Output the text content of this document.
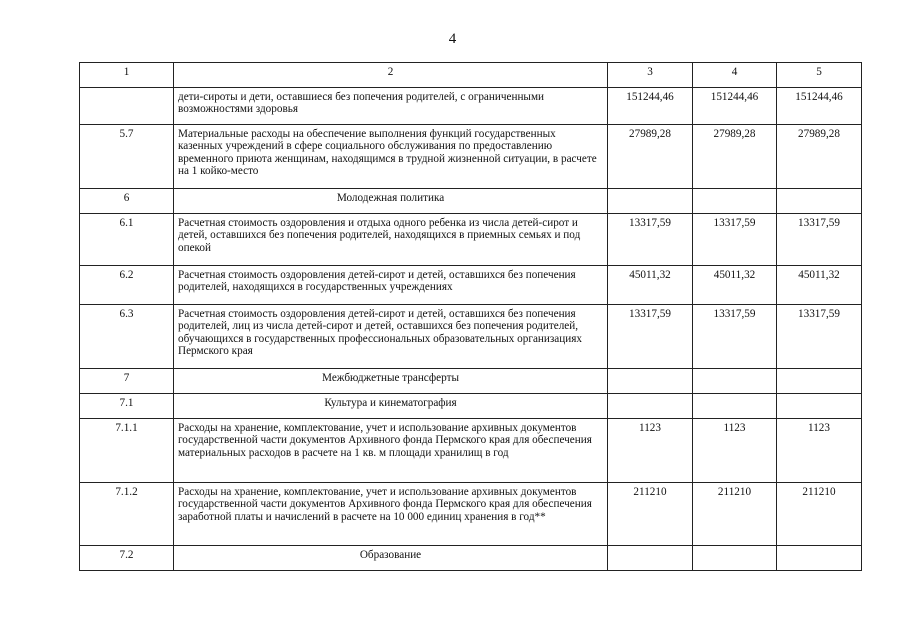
4
1	2	3	4	5
	дети-сироты и дети, оставшиеся без попечения родителей, с ограниченными возможностями здоровья	151244,46	151244,46	151244,46
5.7	Материальные расходы на обеспечение выполнения функций государственных казенных учреждений в сфере социального обслуживания по предоставлению временного приюта женщинам, находящимся в трудной жизненной ситуации, в расчете на 1 койко-место	27989,28	27989,28	27989,28
6	Молодежная политика			
6.1	Расчетная стоимость оздоровления и отдыха одного ребенка из числа детей-сирот и детей, оставшихся без попечения родителей, находящихся в приемных семьях и под опекой	13317,59	13317,59	13317,59
6.2	Расчетная стоимость оздоровления детей-сирот и детей, оставшихся без попечения родителей, находящихся в государственных учреждениях	45011,32	45011,32	45011,32
6.3	Расчетная стоимость оздоровления детей-сирот и детей, оставшихся без попечения родителей, лиц из числа детей-сирот и детей, оставшихся без попечения родителей, обучающихся в государственных профессиональных образовательных организациях Пермского края	13317,59	13317,59	13317,59
7	Межбюджетные трансферты			
7.1	Культура и кинематография			
7.1.1	Расходы на хранение, комплектование, учет и использование архивных документов государственной части документов Архивного фонда Пермского края для обеспечения материальных расходов в расчете на 1 кв. м площади хранилищ в год	1123	1123	1123
7.1.2	Расходы на хранение, комплектование, учет и использование архивных документов государственной части документов Архивного фонда Пермского края для обеспечения заработной платы и начислений в расчете на 10 000 единиц хранения в год**	211210	211210	211210
7.2	Образование			
